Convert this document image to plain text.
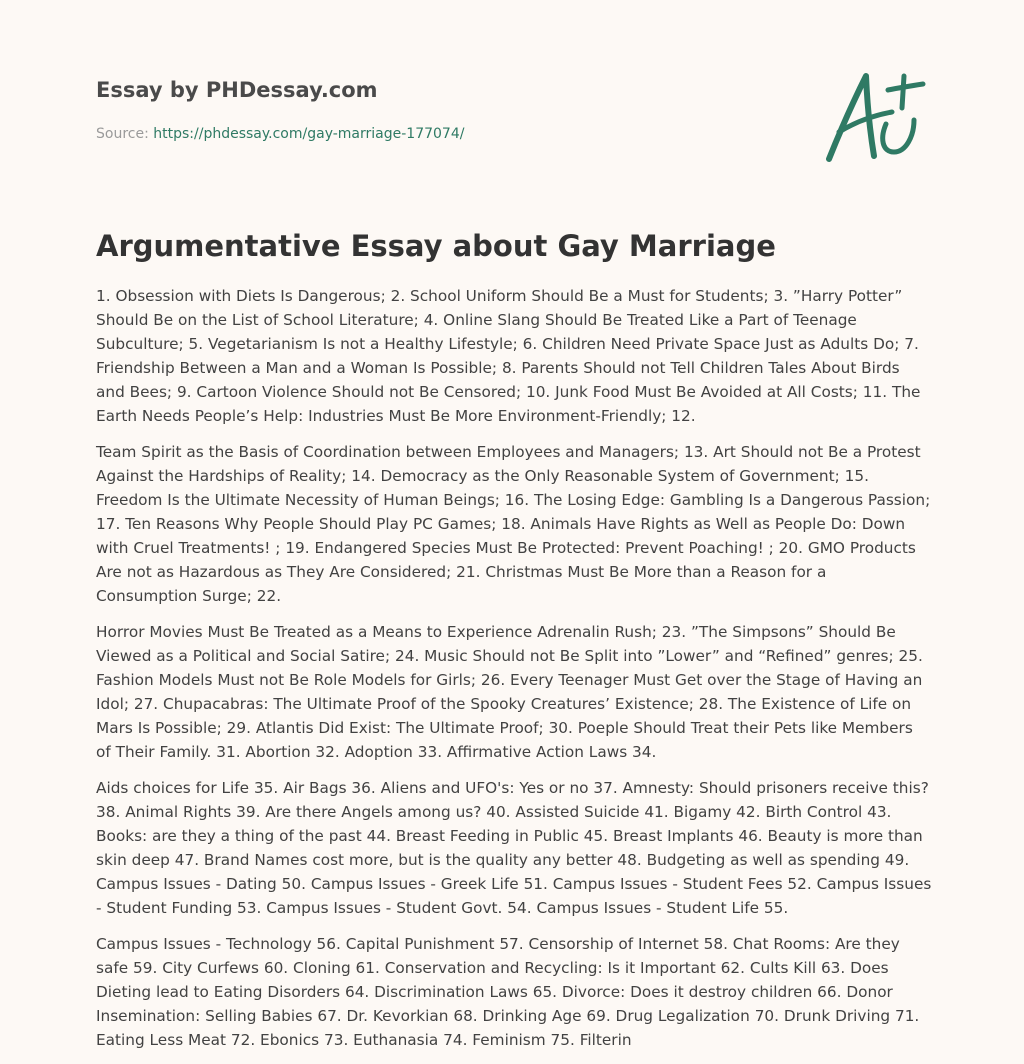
Essay by PHDessay.com
Source: https://phdessay.com/gay-marriage-177074/
Argumentative Essay about Gay Marriage

1. Obsession with Diets Is Dangerous; 2. School Uniform Should Be a Must for Students; 3. ”Harry Potter” Should Be on the List of School Literature; 4. Online Slang Should Be Treated Like a Part of Teenage Subculture; 5. Vegetarianism Is not a Healthy Lifestyle; 6. Children Need Private Space Just as Adults Do; 7. Friendship Between a Man and a Woman Is Possible; 8. Parents Should not Tell Children Tales About Birds and Bees; 9. Cartoon Violence Should not Be Censored; 10. Junk Food Must Be Avoided at All Costs; 11. The Earth Needs People’s Help: Industries Must Be More Environment-Friendly; 12.

Team Spirit as the Basis of Coordination between Employees and Managers; 13. Art Should not Be a Protest Against the Hardships of Reality; 14. Democracy as the Only Reasonable System of Government; 15. Freedom Is the Ultimate Necessity of Human Beings; 16. The Losing Edge: Gambling Is a Dangerous Passion; 17. Ten Reasons Why People Should Play PC Games; 18. Animals Have Rights as Well as People Do: Down with Cruel Treatments! ; 19. Endangered Species Must Be Protected: Prevent Poaching! ; 20. GMO Products Are not as Hazardous as They Are Considered; 21. Christmas Must Be More than a Reason for a Consumption Surge; 22.

Horror Movies Must Be Treated as a Means to Experience Adrenalin Rush; 23. ”The Simpsons” Should Be Viewed as a Political and Social Satire; 24. Music Should not Be Split into ”Lower” and “Refined” genres; 25. Fashion Models Must not Be Role Models for Girls; 26. Every Teenager Must Get over the Stage of Having an Idol; 27. Chupacabras: The Ultimate Proof of the Spooky Creatures’ Existence; 28. The Existence of Life on Mars Is Possible; 29. Atlantis Did Exist: The Ultimate Proof; 30. Poeple Should Treat their Pets like Members of Their Family. 31. Abortion 32. Adoption 33. Affirmative Action Laws 34.

Aids choices for Life 35. Air Bags 36. Aliens and UFO's: Yes or no 37. Amnesty: Should prisoners receive this? 38. Animal Rights 39. Are there Angels among us? 40. Assisted Suicide 41. Bigamy 42. Birth Control 43. Books: are they a thing of the past 44. Breast Feeding in Public 45. Breast Implants 46. Beauty is more than skin deep 47. Brand Names cost more, but is the quality any better 48. Budgeting as well as spending 49. Campus Issues - Dating 50. Campus Issues - Greek Life 51. Campus Issues - Student Fees 52. Campus Issues - Student Funding 53. Campus Issues - Student Govt. 54. Campus Issues - Student Life 55.

Campus Issues - Technology 56. Capital Punishment 57. Censorship of Internet 58. Chat Rooms: Are they safe 59. City Curfews 60. Cloning 61. Conservation and Recycling: Is it Important 62. Cults Kill 63. Does Dieting lead to Eating Disorders 64. Discrimination Laws 65. Divorce: Does it destroy children 66. Donor Insemination: Selling Babies 67. Dr. Kevorkian 68. Drinking Age 69. Drug Legalization 70. Drunk Driving 71. Eating Less Meat 72. Ebonics 73. Euthanasia 74. Feminism 75. Filterin
